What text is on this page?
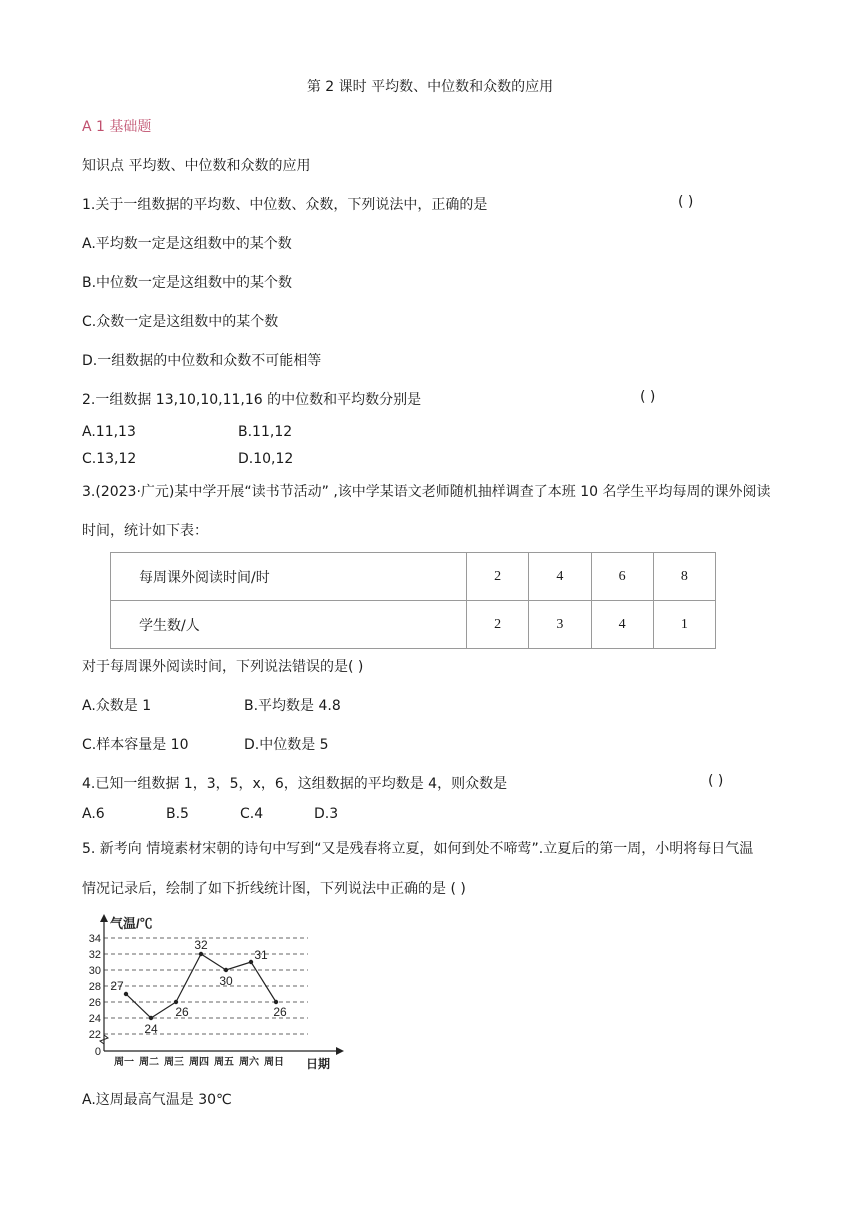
第 2 课时 平均数、中位数和众数的应用
A 1 基础题
知识点 平均数、中位数和众数的应用
1.关于一组数据的平均数、中位数、众数，下列说法中，正确的是	( )
A.平均数一定是这组数中的某个数
B.中位数一定是这组数中的某个数
C.众数一定是这组数中的某个数
D.一组数据的中位数和众数不可能相等
2.一组数据 13,10,10,11,16 的中位数和平均数分别是	( )
A.11,13	B.11,12
C.13,12	D.10,12
3.(2023·广元)某中学开展“读书节活动” ,该中学某语文老师随机抽样调查了本班 10 名学生平均每周的课外阅读
时间，统计如下表：
每周课外阅读时间/时	2	4	6	8
学生数/人	2	3	4	1
对于每周课外阅读时间，下列说法错误的是( )
A.众数是 1	B.平均数是 4.8
C.样本容量是 10	D.中位数是 5
4.已知一组数据 1，3，5，x，6，这组数据的平均数是 4，则众数是	( )
A.6	B.5	C.4	D.3
5. 新考向 情境素材宋朝的诗句中写到“又是残春将立夏，如何到处不啼莺”.立夏后的第一周，小明将每日气温
情况记录后，绘制了如下折线统计图，下列说法中正确的是 ( )
气温/℃
日期
34
32
30
28
26
24
22
0
周一 周二 周三 周四 周五 周六 周日
27
24
26
32
30
31
26
A.这周最高气温是 30℃
